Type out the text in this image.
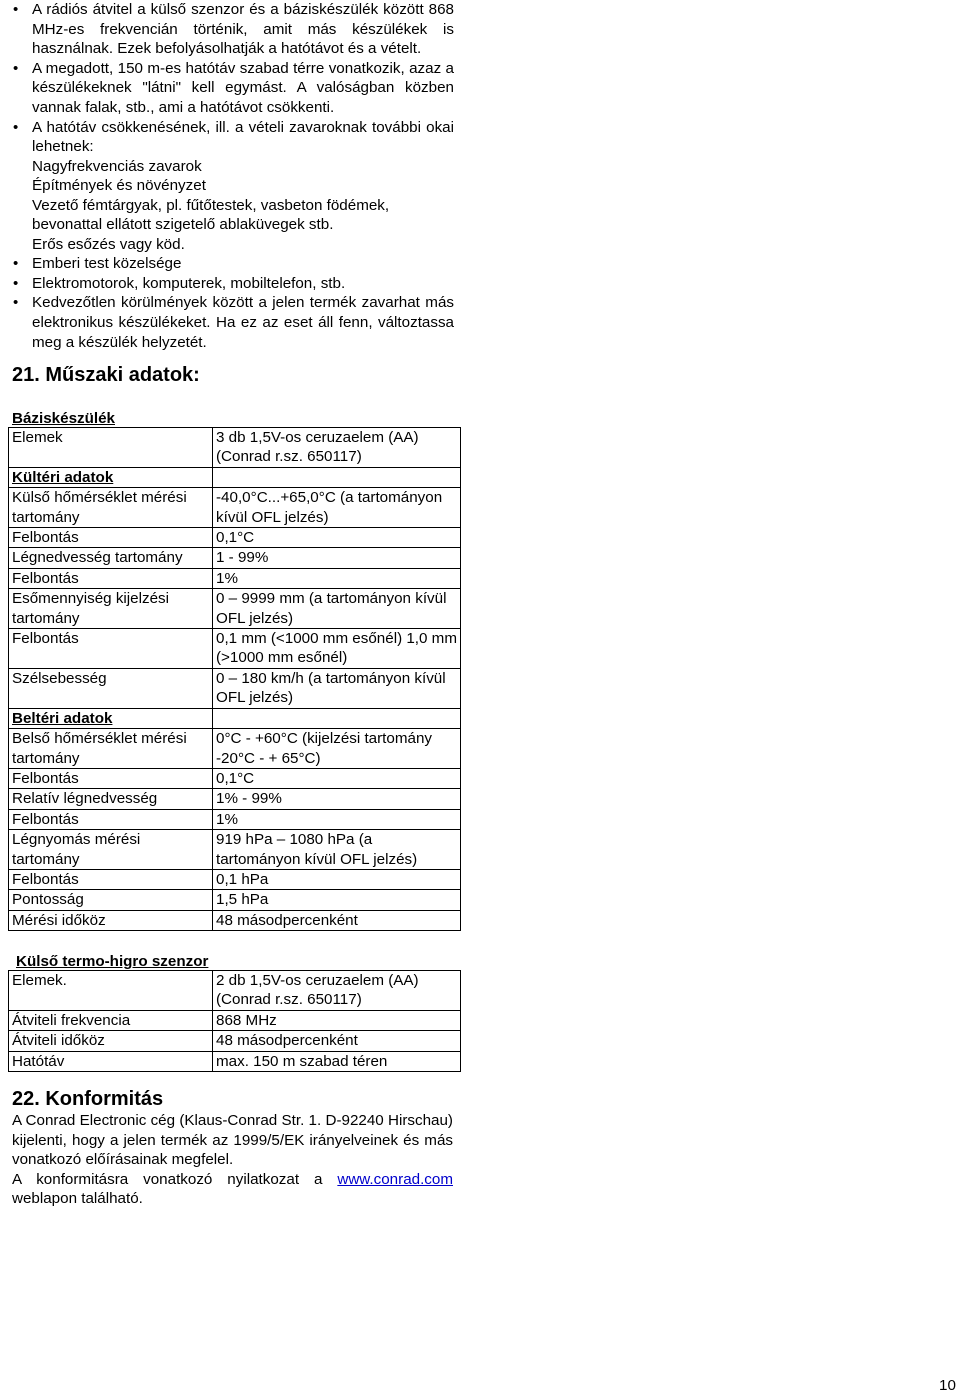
• A rádiós átvitel a külső szenzor és a báziskészülék között 868 MHz-es frekvencián történik, amit más készülékek is használnak. Ezek befolyásolhatják a hatótávot és a vételt.
• A megadott, 150 m-es hatótáv szabad térre vonatkozik, azaz a készülékeknek "látni" kell egymást. A valóságban közben vannak falak, stb., ami a hatótávot csökkenti.
• A hatótáv csökkenésének, ill. a vételi zavaroknak további okai lehetnek:
Nagyfrekvenciás zavarok
Építmények és növényzet
Vezető fémtárgyak, pl. fűtőtestek, vasbeton födémek, bevonattal ellátott szigetelő ablaküvegek stb.
Erős esőzés vagy köd.
• Emberi test közelsége
• Elektromotorok, komputerek, mobiltelefon, stb.
• Kedvezőtlen körülmények között a jelen termék zavarhat más elektronikus készülékeket. Ha ez az eset áll fenn, változtassa meg a készülék helyzetét.
21. Műszaki adatok:
Báziskészülék
Elemek	3 db 1,5V-os ceruzaelem (AA) (Conrad r.sz. 650117)
Kültéri adatok	
Külső hőmérséklet mérési tartomány	-40,0°C...+65,0°C (a tartományon kívül OFL jelzés)
Felbontás	0,1°C
Légnedvesség tartomány	1 - 99%
Felbontás	1%
Esőmennyiség kijelzési tartomány	0 – 9999 mm (a tartományon kívül OFL jelzés)
Felbontás	0,1 mm (<1000 mm esőnél) 1,0 mm (>1000 mm esőnél)
Szélsebesség	0 – 180 km/h (a tartományon kívül OFL jelzés)
Beltéri adatok	
Belső hőmérséklet mérési tartomány	0°C - +60°C (kijelzési tartomány -20°C - + 65°C)
Felbontás	0,1°C
Relatív légnedvesség	1% - 99%
Felbontás	1%
Légnyomás mérési tartomány	919 hPa – 1080 hPa (a tartományon kívül OFL jelzés)
Felbontás	0,1 hPa
Pontosság	1,5 hPa
Mérési időköz	48 másodpercenként
Külső termo-higro szenzor
Elemek.	2 db 1,5V-os ceruzaelem (AA) (Conrad r.sz. 650117)
Átviteli frekvencia	868 MHz
Átviteli időköz	48 másodpercenként
Hatótáv	max. 150 m szabad téren
22. Konformitás
A Conrad Electronic cég (Klaus-Conrad Str. 1. D-92240 Hirschau) kijelenti, hogy a jelen termék az 1999/5/EK irányelveinek és más vonatkozó előírásainak megfelel.
A konformitásra vonatkozó nyilatkozat a www.conrad.com weblapon található.
10
